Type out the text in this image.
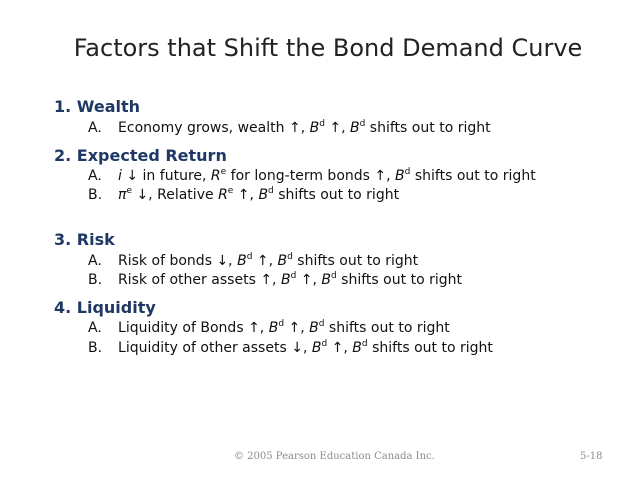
Factors that Shift the Bond Demand Curve
1. Wealth
A. Economy grows, wealth ↑, $B^d$ ↑, $B^d$ shifts out to right
2. Expected Return
A. i ↓ in future, $R^e$ for long-term bonds ↑, $B^d$ shifts out to right
B. $\pi^e$ ↓, Relative $R^e$ ↑, $B^d$ shifts out to right
3. Risk
A. Risk of bonds ↓, $B^d$ ↑, $B^d$ shifts out to right
B. Risk of other assets ↑, $B^d$ ↑, $B^d$ shifts out to right
4. Liquidity
A. Liquidity of Bonds ↑, $B^d$ ↑, $B^d$ shifts out to right
B. Liquidity of other assets ↓, $B^d$ ↑, $B^d$ shifts out to right
© 2005 Pearson Education Canada Inc.	5-18
